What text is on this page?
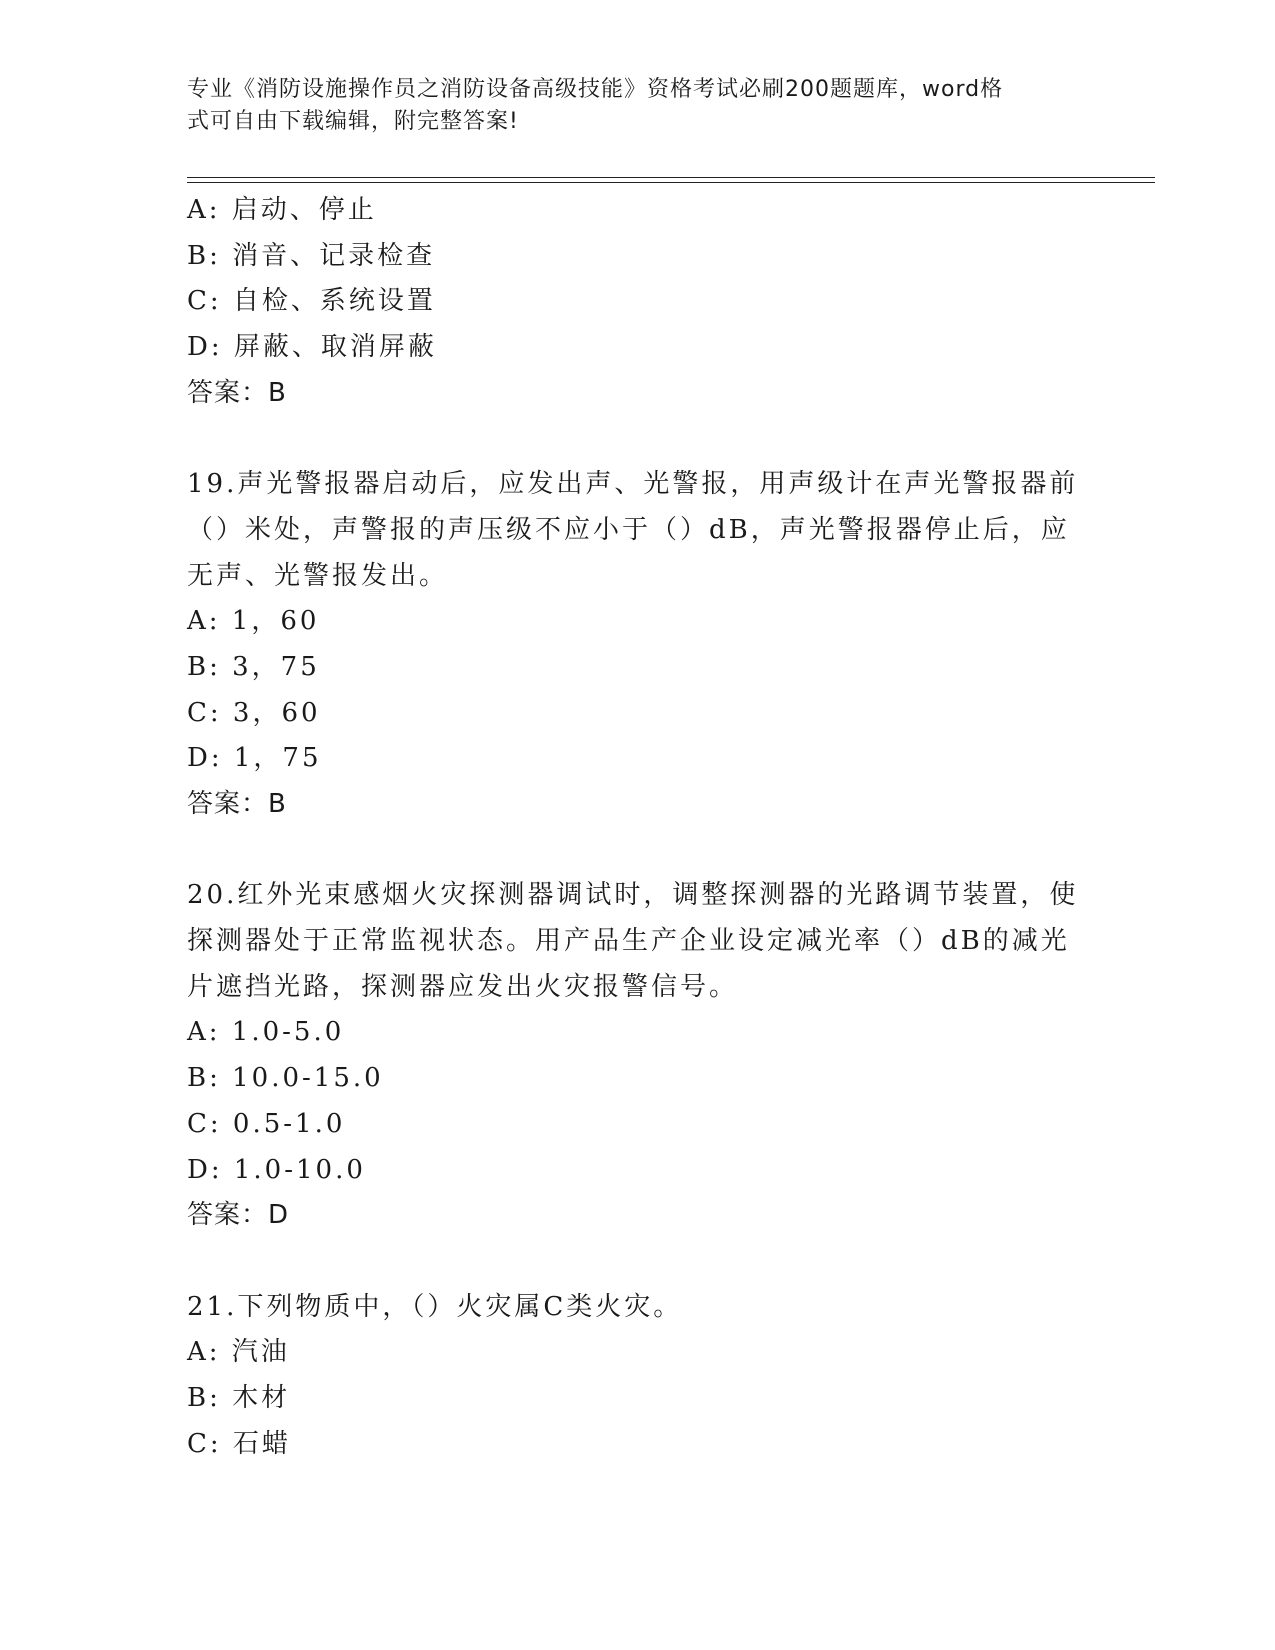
专业《消防设施操作员之消防设备高级技能》资格考试必刷200题题库，word格
式可自由下载编辑，附完整答案!
A: 启动、停止
B: 消音、记录检查
C: 自检、系统设置
D: 屏蔽、取消屏蔽
答案：B
19.声光警报器启动后，应发出声、光警报，用声级计在声光警报器前
（）米处，声警报的声压级不应小于（）dB，声光警报器停止后，应
无声、光警报发出。
A: 1，60
B: 3，75
C: 3，60
D: 1，75
答案：B
20.红外光束感烟火灾探测器调试时，调整探测器的光路调节装置，使
探测器处于正常监视状态。用产品生产企业设定减光率（）dB的减光
片遮挡光路，探测器应发出火灾报警信号。
A: 1.0-5.0
B: 10.0-15.0
C: 0.5-1.0
D: 1.0-10.0
答案：D
21.下列物质中，（）火灾属C类火灾。
A: 汽油
B: 木材
C: 石蜡
